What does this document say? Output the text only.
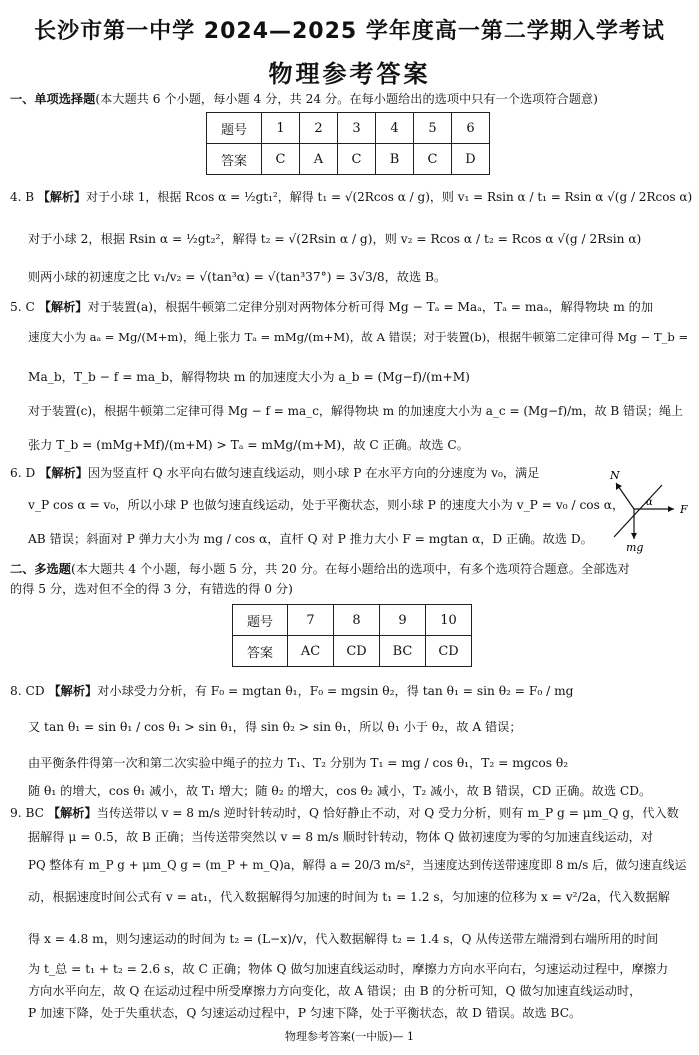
长沙市第一中学 2024—2025 学年度高一第二学期入学考试
物理参考答案
一、单项选择题(本大题共 6 个小题，每小题 4 分，共 24 分。在每小题给出的选项中只有一个选项符合题意)
题号	1	2	3	4	5	6
答案	C	A	C	B	C	D
4. B 【解析】对于小球 1，根据 Rcos α = ½gt₁²，解得 t₁ = √(2Rcos α / g)，则 v₁ = Rsin α / t₁ = Rsin α √(g / 2Rcos α)
对于小球 2，根据 Rsin α = ½gt₂²，解得 t₂ = √(2Rsin α / g)，则 v₂ = Rcos α / t₂ = Rcos α √(g / 2Rsin α)
则两小球的初速度之比 v₁/v₂ = √(tan³α) = √(tan³37°) = 3√3/8，故选 B。
5. C 【解析】对于装置(a)，根据牛顿第二定律分别对两物体分析可得 Mg − Tₐ = Maₐ，Tₐ = maₐ，解得物块 m 的加
速度大小为 aₐ = Mg/(M+m)，绳上张力 Tₐ = mMg/(m+M)，故 A 错误；对于装置(b)，根据牛顿第二定律可得 Mg − T_b =
Ma_b，T_b − f = ma_b，解得物块 m 的加速度大小为 a_b = (Mg−f)/(m+M)
对于装置(c)，根据牛顿第二定律可得 Mg − f = ma_c，解得物块 m 的加速度大小为 a_c = (Mg−f)/m，故 B 错误；绳上
张力 T_b = (mMg+Mf)/(m+M) > Tₐ = mMg/(m+M)，故 C 正确。故选 C。
6. D 【解析】因为竖直杆 Q 水平向右做匀速直线运动，则小球 P 在水平方向的分速度为 v₀，满足
v_P cos α = v₀，所以小球 P 也做匀速直线运动，处于平衡状态，则小球 P 的速度大小为 v_P = v₀ / cos α，
AB 错误；斜面对 P 弹力大小为 mg / cos α，直杆 Q 对 P 推力大小 F = mgtan α，D 正确。故选 D。
N
F
mg
α
二、多选题(本大题共 4 个小题，每小题 5 分，共 20 分。在每小题给出的选项中，有多个选项符合题意。全部选对
的得 5 分，选对但不全的得 3 分，有错选的得 0 分)
题号	7	8	9	10
答案	AC	CD	BC	CD
8. CD 【解析】对小球受力分析，有 F₀ = mgtan θ₁，F₀ = mgsin θ₂，得 tan θ₁ = sin θ₂ = F₀ / mg
又 tan θ₁ = sin θ₁ / cos θ₁ > sin θ₁，得 sin θ₂ > sin θ₁，所以 θ₁ 小于 θ₂，故 A 错误；
由平衡条件得第一次和第二次实验中绳子的拉力 T₁、T₂ 分别为 T₁ = mg / cos θ₁，T₂ = mgcos θ₂
随 θ₁ 的增大，cos θ₁ 减小，故 T₁ 增大；随 θ₂ 的增大，cos θ₂ 减小，T₂ 减小，故 B 错误，CD 正确。故选 CD。
9. BC 【解析】当传送带以 v = 8 m/s 逆时针转动时，Q 恰好静止不动，对 Q 受力分析，则有 m_P g = μm_Q g，代入数
据解得 μ = 0.5，故 B 正确；当传送带突然以 v = 8 m/s 顺时针转动，物体 Q 做初速度为零的匀加速直线运动，对
PQ 整体有 m_P g + μm_Q g = (m_P + m_Q)a，解得 a = 20/3 m/s²，当速度达到传送带速度即 8 m/s 后，做匀速直线运
动，根据速度时间公式有 v = at₁，代入数据解得匀加速的时间为 t₁ = 1.2 s，匀加速的位移为 x = v²/2a，代入数据解
得 x = 4.8 m，则匀速运动的时间为 t₂ = (L−x)/v，代入数据解得 t₂ = 1.4 s，Q 从传送带左端滑到右端所用的时间
为 t_总 = t₁ + t₂ = 2.6 s，故 C 正确；物体 Q 做匀加速直线运动时，摩擦力方向水平向右，匀速运动过程中，摩擦力
方向水平向左，故 Q 在运动过程中所受摩擦力方向变化，故 A 错误；由 B 的分析可知，Q 做匀加速直线运动时，
P 加速下降，处于失重状态，Q 匀速运动过程中，P 匀速下降，处于平衡状态，故 D 错误。故选 BC。
物理参考答案(一中版)— 1
